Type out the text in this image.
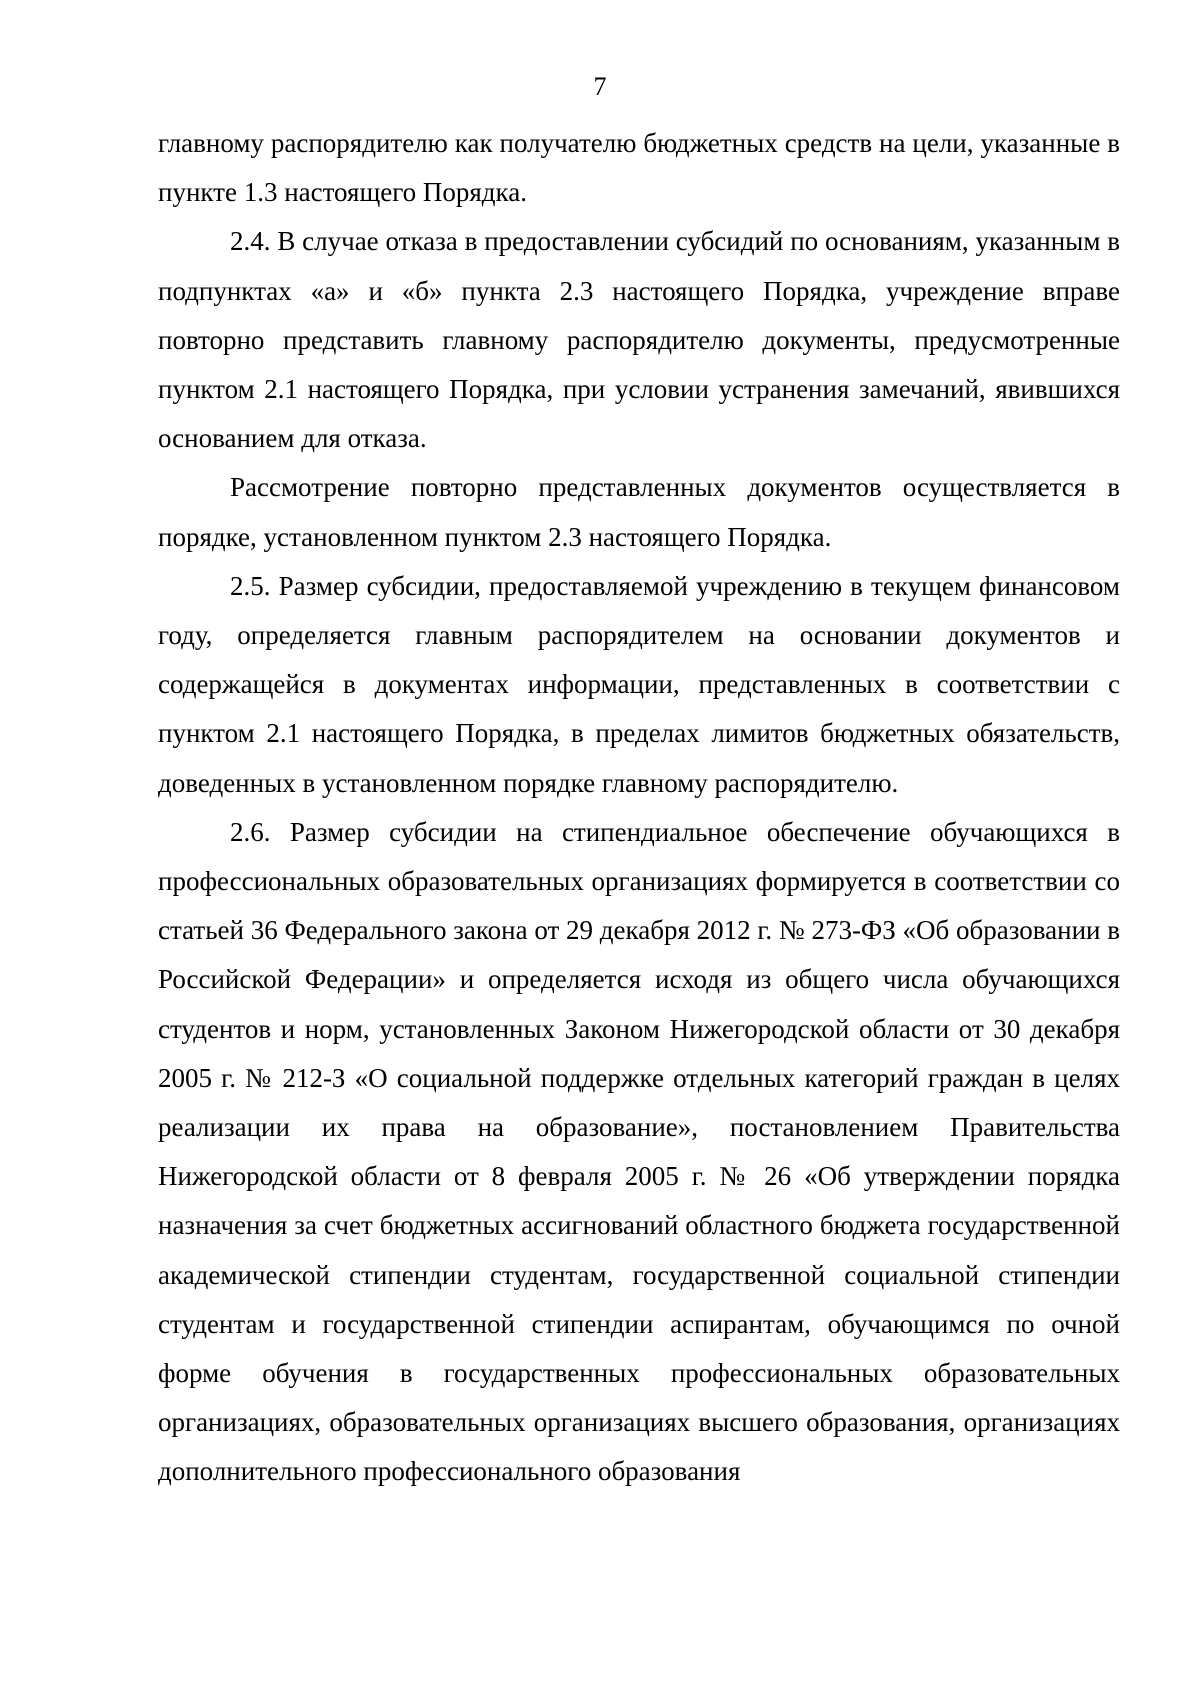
7

главному распорядителю как получателю бюджетных средств на цели, указанные в пункте 1.3 настоящего Порядка.

2.4. В случае отказа в предоставлении субсидий по основаниям, указанным в подпунктах «а» и «б» пункта 2.3 настоящего Порядка, учреждение вправе повторно представить главному распорядителю документы, предусмотренные пунктом 2.1 настоящего Порядка, при условии устранения замечаний, явившихся основанием для отказа.

Рассмотрение повторно представленных документов осуществляется в порядке, установленном пунктом 2.3 настоящего Порядка.

2.5. Размер субсидии, предоставляемой учреждению в текущем финансовом году, определяется главным распорядителем на основании документов и содержащейся в документах информации, представленных в соответствии с пунктом 2.1 настоящего Порядка, в пределах лимитов бюджетных обязательств, доведенных в установленном порядке главному распорядителю.

2.6. Размер субсидии на стипендиальное обеспечение обучающихся в профессиональных образовательных организациях формируется в соответствии со статьей 36 Федерального закона от 29 декабря 2012 г. № 273-ФЗ «Об образовании в Российской Федерации» и определяется исходя из общего числа обучающихся студентов и норм, установленных Законом Нижегородской области от 30 декабря 2005 г. № 212-З «О социальной поддержке отдельных категорий граждан в целях реализации их права на образование», постановлением Правительства Нижегородской области от 8 февраля 2005 г. № 26 «Об утверждении порядка назначения за счет бюджетных ассигнований областного бюджета государственной академической стипендии студентам, государственной социальной стипендии студентам и государственной стипендии аспирантам, обучающимся по очной форме обучения в государственных профессиональных образовательных организациях, образовательных организациях высшего образования, организациях дополнительного профессионального образования
